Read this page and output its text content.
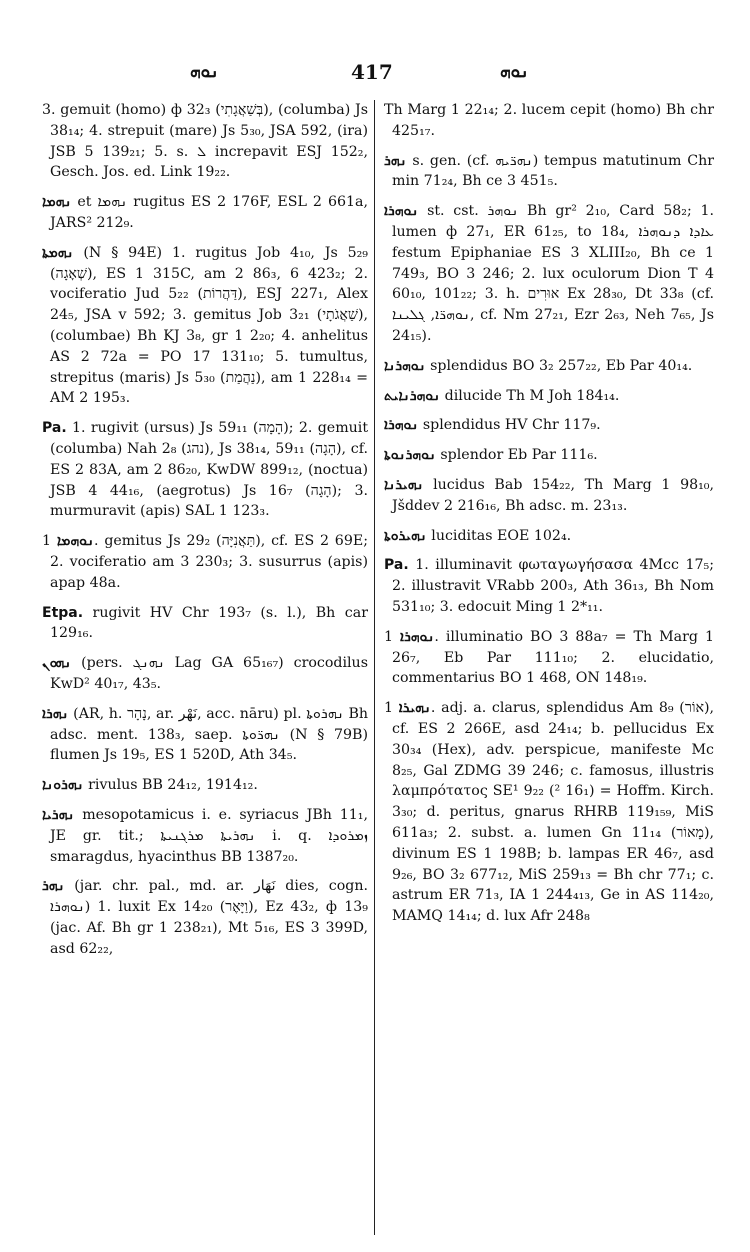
ܢܘܗ	417	ܢܘܗ

3. gemuit (homo) ф 32₃ (בְּשַׁאֲגָתִי), (columba) Js 38₁₄; 4. strepuit (mare) Js 5₃₀, JSA 592, (ira) JSB 5 139₂₁; 5. s. ܠ increpavit ESJ 152₂, Gesch. Jos. ed. Link 19₂₂.

ܢܗܡܐ et ܢܗܡܐ rugitus ES 2 176F, ESL 2 661a, JARS² 212₉.

ܢܗܡܬܐ (N § 94E) 1. rugitus Job 4₁₀, Js 5₂₉ (שְׁאָגָה), ES 1 315C, am 2 86₃, 6 423₂; 2. vociferatio Jud 5₂₂ (דַּהֲרוֹת), ESJ 227₁, Alex 24₅, JSA v 592; 3. gemitus Job 3₂₁ (שַׁאֲגֹתָי), (columbae) Bh KJ 3₈, gr 1 2₂₀; 4. anhelitus AS 2 72a = PO 17 131₁₀; 5. tumultus, strepitus (maris) Js 5₃₀ (נַהֲמַת), am 1 228₁₄ = AM 2 195₃.

Pa. 1. rugivit (ursus) Js 59₁₁ (הָמָה); 2. gemuit (columba) Nah 2₈ (נהג), Js 38₁₄, 59₁₁ (הָגָה), cf. ES 2 83A, am 2 86₂₀, KwDW 899₁₂, (noctua) JSB 4 44₁₆, (aegrotus) Js 16₇ (הָגָה); 3. murmuravit (apis) SAL 1 123₃.

ܢܘܗܡܐ 1. gemitus Js 29₂ (תַּאֲנִיָּה), cf. ES 2 69E; 2. vociferatio am 3 230₃; 3. susurrus (apis) apap 48a.

Etpa. rugivit HV Chr 193₇ (s. l.), Bh car 129₁₆.

ܢܗܘܢ (pers. ܢܗܢܓ Lag GA 65₁₆₇) crocodilus KwD² 40₁₇, 43₅.

ܢܗܪܐ (AR, h. נָהָר, ar. نَهْر, acc. nāru) pl. ܢܗܪܘܬܐ Bh adsc. ment. 138₃, saep. ܢܗܪ̈ܘܬܐ (N § 79B) flumen Js 19₅, ES 1 520D, Ath 34₅.

ܢܗܪܘܢܐ rivulus BB 24₁₂, 1914₁₂.

ܢܗܪܝܐ mesopotamicus i. e. syriacus JBh 11₁, JE gr. tit.; ܢܗܪܝܬܐ ܡܪܓܢܝܬܐ i. q. ܙܡܪܘܕܐ smaragdus, hyacinthus BB 1387₂₀.

ܢܗܪ (jar. chr. pal., md. ar. نَهَار dies, cogn. ܢܘܗܪܐ) 1. luxit Ex 14₂₀ (וַיָּאֶר), Ez 43₂, ф 13₉ (jac. Af. Bh gr 1 238₂₁), Mt 5₁₆, ES 3 399D, asd 62₂₂,

Th Marg 1 22₁₄; 2. lucem cepit (homo) Bh chr 425₁₇.

ܢܗܪ s. gen. (cf. ܢܗܪ̈ܝܗ) tempus matutinum Chr min 71₂₄, Bh ce 3 451₅.

ܢܘܗܪܐ st. cst. ܢܘܗܪ Bh gr² 2₁₀, Card 58₂; 1. lumen ф 27₁, ER 61₂₅, to 18₄, ܥܐܕܐ ܕܢܘܗܪܐ festum Epiphaniae ES 3 XLIII₂₀, Bh ce 1 749₃, BO 3 246; 2. lux oculorum Dion T 4 60₁₀, 101₂₂; 3. h. אוּרִים Ex 28₃₀, Dt 33₈ (cf. ܢܘܗܪ̈ܐ, ܓܠܝܢܐ, cf. Nm 27₂₁, Ezr 2₆₃, Neh 7₆₅, Js 24₁₅).

ܢܘܗܪܢܐ splendidus BO 3₂ 257₂₂, Eb Par 40₁₄.

ܢܘܗܪܢܐܝܬ dilucide Th M Joh 184₁₄.

ܢܘܗܪܐ splendidus HV Chr 117₉.

ܢܘܗܪܢܘܬܐ splendor Eb Par 111₆.

ܢܗܝܪܢܐ lucidus Bab 154₂₂, Th Marg 1 98₁₀, Jšddev 2 216₁₆, Bh adsc. m. 23₁₃.

ܢܗܝܪܘܬܐ luciditas EOE 102₄.

Pa. 1. illuminavit φωταγωγήσασα 4Mcc 17₅; 2. illustravit VRabb 200₃, Ath 36₁₃, Bh Nom 531₁₀; 3. edocuit Ming 1 2*₁₁.

ܢܘܗܪܐ 1. illuminatio BO 3 88a₇ = Th Marg 1 26₇, Eb Par 111₁₀; 2. elucidatio, commentarius BO 1 468, ON 148₁₉.

ܢܗܝܪܐ 1. adj. a. clarus, splendidus Am 8₉ (אוֹר), cf. ES 2 266E, asd 24₁₄; b. pellucidus Ex 30₃₄ (Hex), adv. perspicue, manifeste Mc 8₂₅, Gal ZDMG 39 246; c. famosus, illustris λαμπρότατος SE¹ 9₂₂ (² 16₁) = Hoffm. Kirch. 3₃₀; d. peritus, gnarus RHRB 119₁₅₉, MiS 611a₃; 2. subst. a. lumen Gn 11₁₄ (מָאוֹר), divinum ES 1 198B; b. lampas ER 46₇, asd 9₂₆, BO 3₂ 677₁₂, MiS 259₁₃ = Bh chr 77₁; c. astrum ER 71₃, IA 1 244₄₁₃, Ge in AS 114₂₀, MAMQ 14₁₄; d. lux Afr 248₈
